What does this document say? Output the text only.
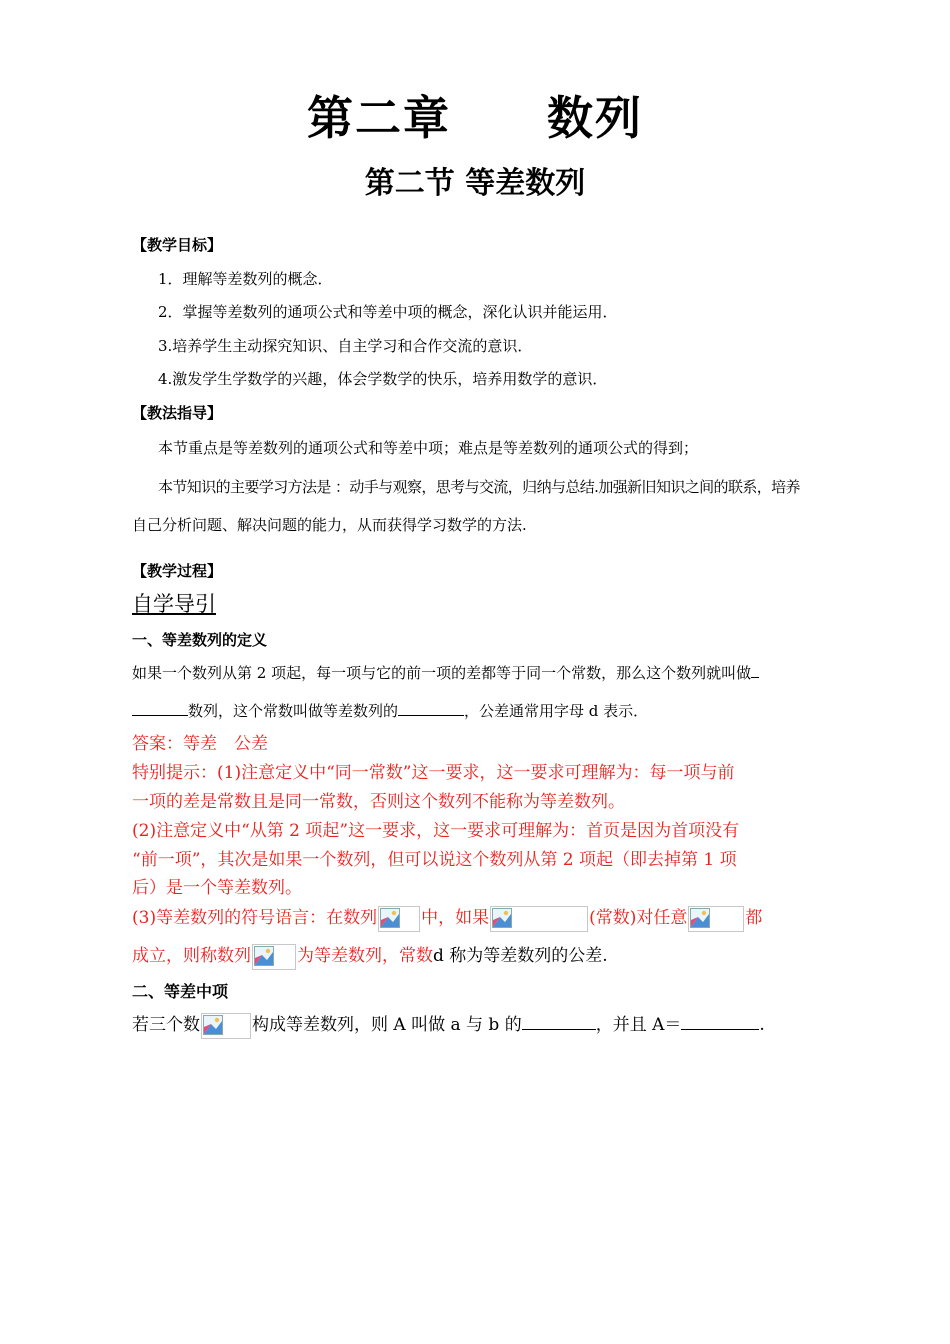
第二章　　数列
第二节 等差数列
【教学目标】
1．理解等差数列的概念．
2．掌握等差数列的通项公式和等差中项的概念，深化认识并能运用．
3.培养学生主动探究知识、自主学习和合作交流的意识．
4.激发学生学数学的兴趣，体会学数学的快乐，培养用数学的意识．
【教法指导】
本节重点是等差数列的通项公式和等差中项；难点是等差数列的通项公式的得到；
本节知识的主要学习方法是 ：动手与观察，思考与交流，归纳与总结.加强新旧知识之间的联系，培养
自己分析问题、解决问题的能力，从而获得学习数学的方法.
【教学过程】
自学导引
一、等差数列的定义
如果一个数列从第 2 项起，每一项与它的前一项的差都等于同一个常数，那么这个数列就叫做
数列，这个常数叫做等差数列的	，公差通常用字母 d 表示．
答案：等差　公差
特别提示：(1)注意定义中“同一常数”这一要求，这一要求可理解为：每一项与前
一项的差是常数且是同一常数，否则这个数列不能称为等差数列。
(2)注意定义中“从第 2 项起”这一要求，这一要求可理解为：首页是因为首项没有
“前一项”，其次是如果一个数列，但可以说这个数列从第 2 项起（即去掉第 1 项
后）是一个等差数列。
(3)等差数列的符号语言：在数列	中，如果	(常数)对任意	都
成立，则称数列	为等差数列，常数d 称为等差数列的公差.
二、等差中项
若三个数	构成等差数列，则 A 叫做 a 与 b 的	，并且 A＝	.
